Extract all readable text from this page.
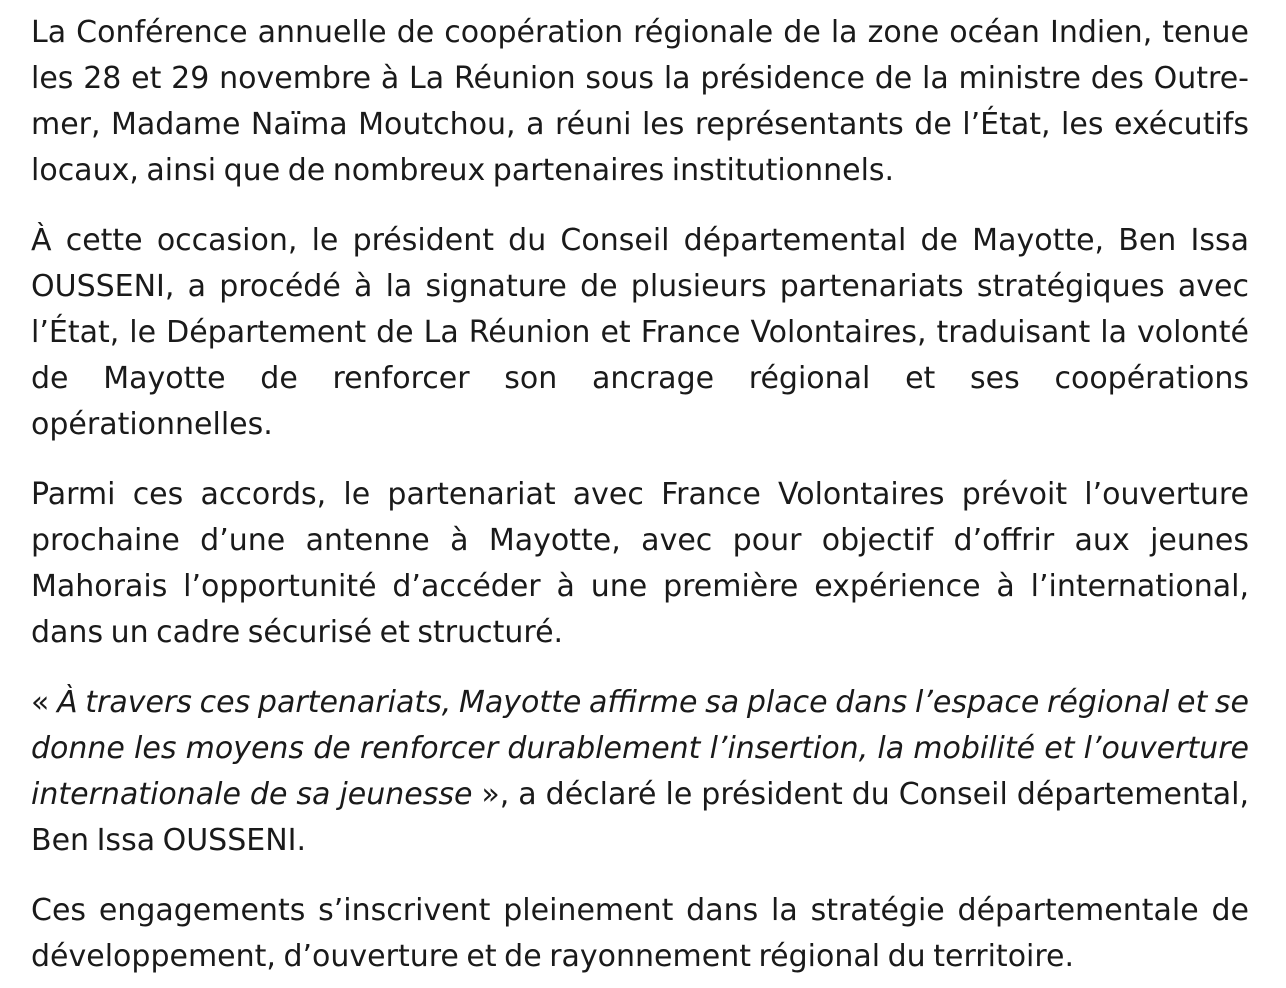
La Conférence annuelle de coopération régionale de la zone océan Indien, tenue les 28 et 29 novembre à La Réunion sous la présidence de la ministre des Outre-mer, Madame Naïma Moutchou, a réuni les représentants de l’État, les exécutifs locaux, ainsi que de nombreux partenaires institutionnels.

À cette occasion, le président du Conseil départemental de Mayotte, Ben Issa OUSSENI, a procédé à la signature de plusieurs partenariats stratégiques avec l’État, le Département de La Réunion et France Volontaires, traduisant la volonté de Mayotte de renforcer son ancrage régional et ses coopérations opérationnelles.

Parmi ces accords, le partenariat avec France Volontaires prévoit l’ouverture prochaine d’une antenne à Mayotte, avec pour objectif d’offrir aux jeunes Mahorais l’opportunité d’accéder à une première expérience à l’international, dans un cadre sécurisé et structuré.

« À travers ces partenariats, Mayotte affirme sa place dans l’espace régional et se donne les moyens de renforcer durablement l’insertion, la mobilité et l’ouverture internationale de sa jeunesse », a déclaré le président du Conseil départemental, Ben Issa OUSSENI.

Ces engagements s’inscrivent pleinement dans la stratégie départementale de développement, d’ouverture et de rayonnement régional du territoire.
